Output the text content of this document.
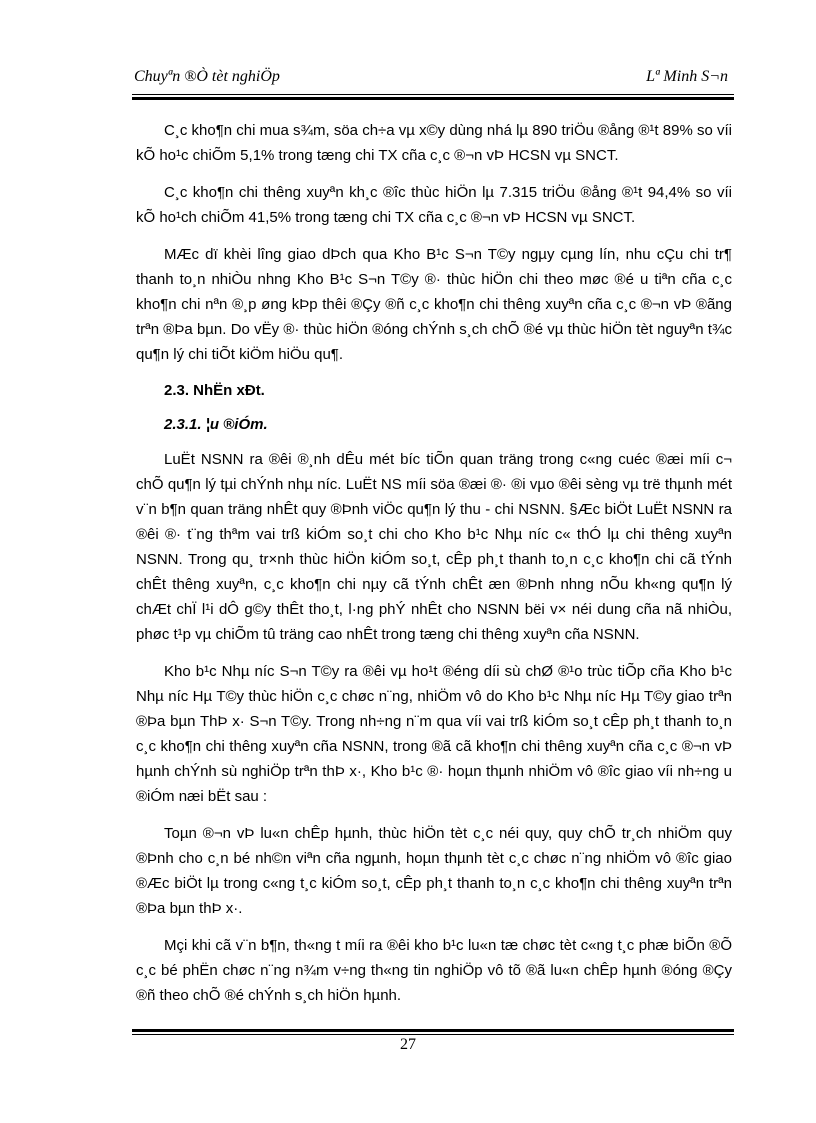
Chuyªn ®Ò tèt nghiÖp	Lª Minh S¬n

C¸c kho¶n chi mua s¾m, söa ch÷a vµ x©y dùng nhá lµ 890 triÖu ®ång ®¹t 89% so víi kÕ ho¹c chiÕm 5,1% trong tæng chi TX cña c¸c ®¬n vÞ HCSN vµ SNCT.

C¸c kho¶n chi thêng xuyªn kh¸c ®îc thùc hiÖn lµ 7.315 triÖu ®ång ®¹t 94,4% so víi kÕ ho¹ch chiÕm 41,5% trong tæng chi TX cña c¸c ®¬n vÞ HCSN vµ SNCT.

MÆc dï khèi lîng giao dÞch qua Kho B¹c S¬n T©y ngµy cµng lín, nhu cÇu chi tr¶ thanh to¸n nhiÒu nhng Kho B¹c S¬n T©y ®· thùc hiÖn chi theo møc ®é u tiªn cña c¸c kho¶n chi nªn ®¸p øng kÞp thêi ®Çy ®ñ c¸c kho¶n chi thêng xuyªn cña c¸c ®¬n vÞ ®ãng trªn ®Þa bµn. Do vËy ®· thùc hiÖn ®óng chÝnh s¸ch chÕ ®é vµ thùc hiÖn tèt nguyªn t¾c qu¶n lý chi tiÕt kiÖm hiÖu qu¶.

2.3. NhËn xÐt.
2.3.1. ¦u ®iÓm.

LuËt NSNN ra ®êi ®¸nh dÊu mét bíc tiÕn quan träng trong c«ng cuéc ®æi míi c¬ chÕ qu¶n lý tµi chÝnh nhµ níc. LuËt NS míi söa ®æi ®· ®i vµo ®êi sèng vµ trë thµnh mét v¨n b¶n quan träng nhÊt quy ®Þnh viÖc qu¶n lý thu - chi NSNN. §Æc biÖt LuËt NSNN ra ®êi ®· t¨ng thªm vai trß kiÓm so¸t chi cho Kho b¹c Nhµ níc c« thÓ lµ chi thêng xuyªn NSNN. Trong qu¸ tr×nh thùc hiÖn kiÓm so¸t, cÊp ph¸t thanh to¸n c¸c kho¶n chi cã tÝnh chÊt thêng xuyªn, c¸c kho¶n chi nµy cã tÝnh chÊt æn ®Þnh nhng nÕu kh«ng qu¶n lý chÆt chÏ l¹i dÔ g©y thÊt tho¸t, l·ng phÝ nhÊt cho NSNN bëi v× néi dung cña nã nhiÒu, phøc t¹p vµ chiÕm tû träng cao nhÊt trong tæng chi thêng xuyªn cña NSNN.

Kho b¹c Nhµ níc S¬n T©y ra ®êi vµ ho¹t ®éng díi sù chØ ®¹o trùc tiÕp cña Kho b¹c Nhµ níc Hµ T©y thùc hiÖn c¸c chøc n¨ng, nhiÖm vô do Kho b¹c Nhµ níc Hµ T©y giao trªn ®Þa bµn ThÞ x· S¬n T©y. Trong nh÷ng n¨m qua víi vai trß kiÓm so¸t cÊp ph¸t thanh to¸n c¸c kho¶n chi thêng xuyªn cña NSNN, trong ®ã cã kho¶n chi thêng xuyªn cña c¸c ®¬n vÞ hµnh chÝnh sù nghiÖp trªn thÞ x·, Kho b¹c ®· hoµn thµnh nhiÖm vô ®îc giao víi nh÷ng u ®iÓm næi bËt sau :

Toµn ®¬n vÞ lu«n chÊp hµnh, thùc hiÖn tèt c¸c néi quy, quy chÕ tr¸ch nhiÖm quy ®Þnh cho c¸n bé nh©n viªn cña ngµnh, hoµn thµnh tèt c¸c chøc n¨ng nhiÖm vô ®îc giao ®Æc biÖt lµ trong c«ng t¸c kiÓm so¸t, cÊp ph¸t thanh to¸n c¸c kho¶n chi thêng xuyªn trªn ®Þa bµn thÞ x·.

Mçi khi cã v¨n b¶n, th«ng t míi ra ®êi kho b¹c lu«n tæ chøc tèt c«ng t¸c phæ biÕn ®Õ c¸c bé phËn chøc n¨ng n¾m v÷ng th«ng tin nghiÖp vô tõ ®ã lu«n chÊp hµnh ®óng ®Çy ®ñ theo chÕ ®é chÝnh s¸ch hiÖn hµnh.

27
